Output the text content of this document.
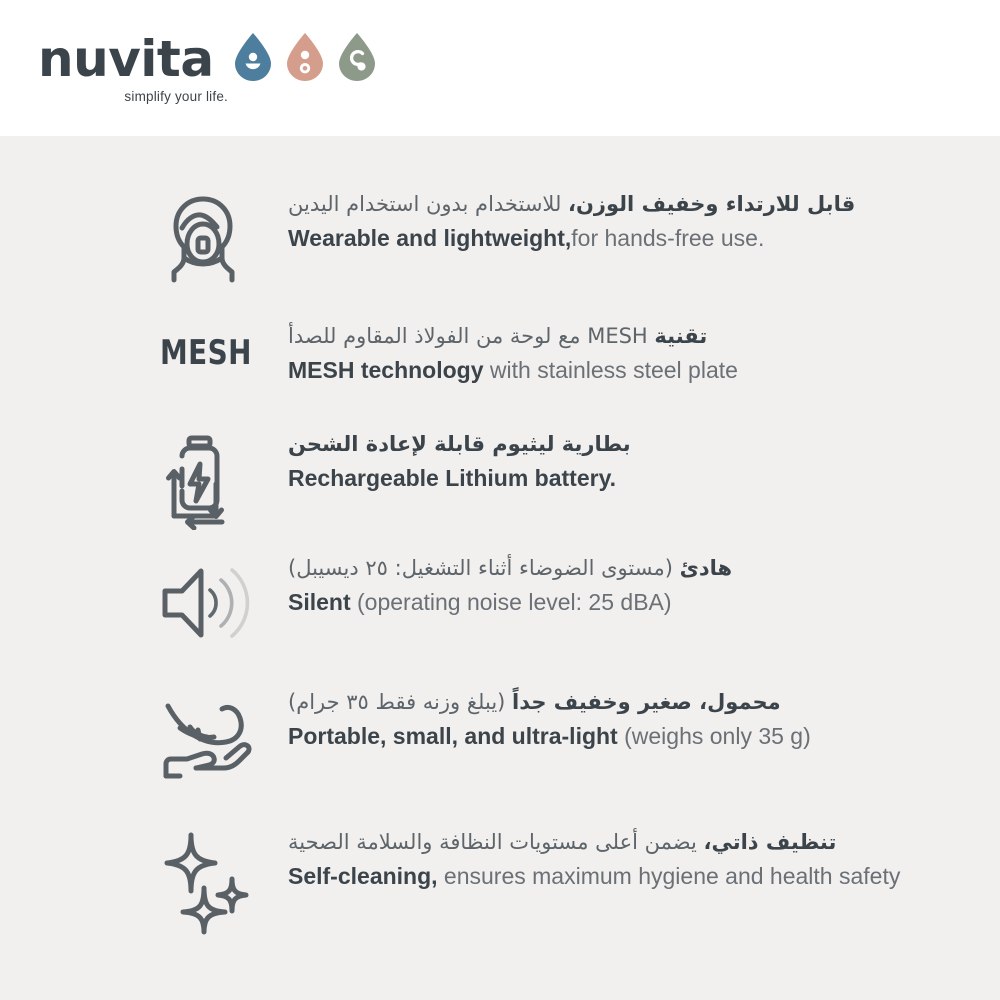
nuvita
simplify your life.
قابل للارتداء وخفيف الوزن، للاستخدام بدون استخدام اليدين
Wearable and lightweight,for hands-free use.
MESH	تقنية MESH مع لوحة من الفولاذ المقاوم للصدأ
MESH technology with stainless steel plate
بطارية ليثيوم قابلة لإعادة الشحن
Rechargeable Lithium battery.
هادئ (مستوى الضوضاء أثناء التشغيل: ٢٥ ديسيبل)
Silent (operating noise level: 25 dBA)
محمول، صغير وخفيف جداً (يبلغ وزنه فقط ٣٥ جرام)
Portable, small, and ultra-light (weighs only 35 g)
تنظيف ذاتي، يضمن أعلى مستويات النظافة والسلامة الصحية
Self-cleaning, ensures maximum hygiene and health safety
